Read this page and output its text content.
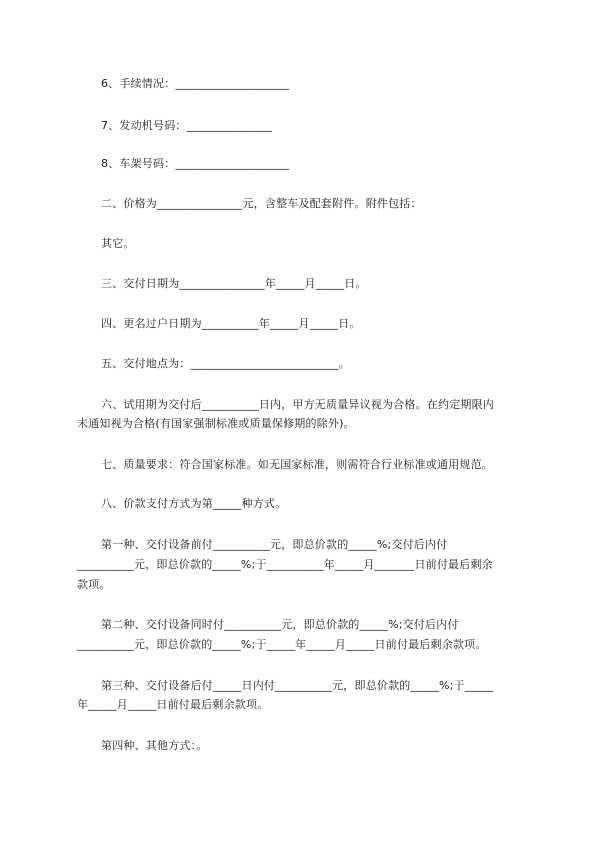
6、手续情况：____________________
7、发动机号码：_______________
8、车架号码：____________________
二、价格为_______________元，含整车及配套附件。附件包括：
其它。
三、交付日期为_______________年_____月_____日。
四、更名过户日期为__________年_____月_____日。
五、交付地点为：__________________________。
六、试用期为交付后__________日内，甲方无质量异议视为合格。在约定期限内
未通知视为合格(有国家强制标准或质量保修期的除外)。
七、质量要求：符合国家标准。如无国家标准，则需符合行业标准或通用规范。
八、价款支付方式为第_____种方式。
第一种、交付设备前付__________元，即总价款的_____%;交付后内付
__________元，即总价款的_____%;于__________年_____月_______日前付最后剩余
款项。
第二种、交付设备同时付__________元，即总价款的_____%;交付后内付
__________元，即总价款的_____%;于_____年_____月_____日前付最后剩余款项。
第三种、交付设备后付_____日内付__________元，即总价款的_____%;于_____
年_____月_____日前付最后剩余款项。
第四种、其他方式：。
